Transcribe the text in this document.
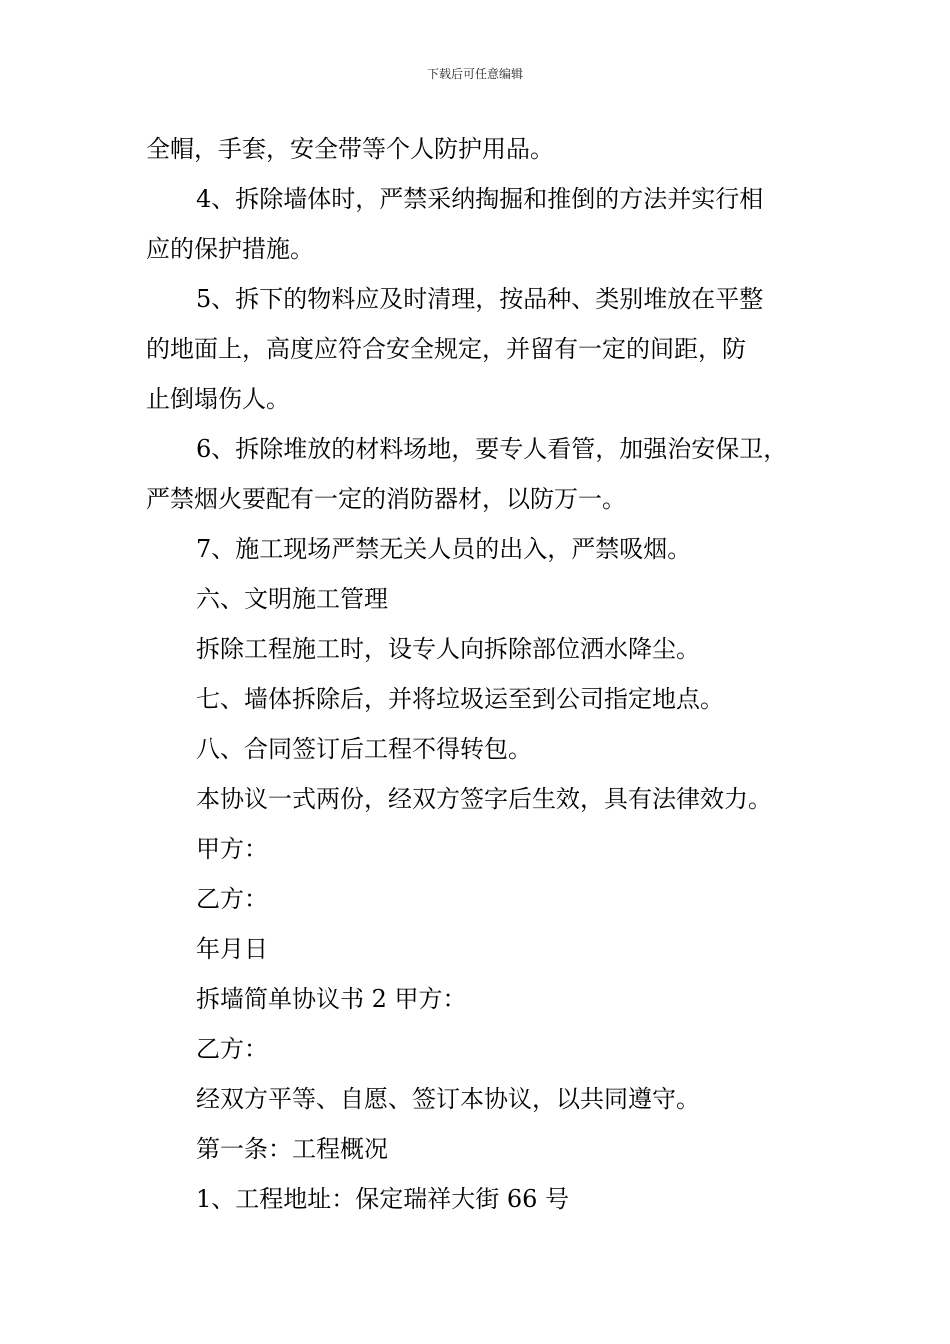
下载后可任意编辑
全帽，手套，安全带等个人防护用品。
4、拆除墙体时，严禁采纳掏掘和推倒的方法并实行相
应的保护措施。
5、拆下的物料应及时清理，按品种、类别堆放在平整
的地面上，高度应符合安全规定，并留有一定的间距，防
止倒塌伤人。
6、拆除堆放的材料场地，要专人看管，加强治安保卫，
严禁烟火要配有一定的消防器材，以防万一。
7、施工现场严禁无关人员的出入，严禁吸烟。
六、文明施工管理
拆除工程施工时，设专人向拆除部位洒水降尘。
七、墙体拆除后，并将垃圾运至到公司指定地点。
八、合同签订后工程不得转包。
本协议一式两份，经双方签字后生效，具有法律效力。
甲方：
乙方：
年月日
拆墙简单协议书 2 甲方：
乙方：
经双方平等、自愿、签订本协议，以共同遵守。
第一条：工程概况
1、工程地址：保定瑞祥大街 66 号
